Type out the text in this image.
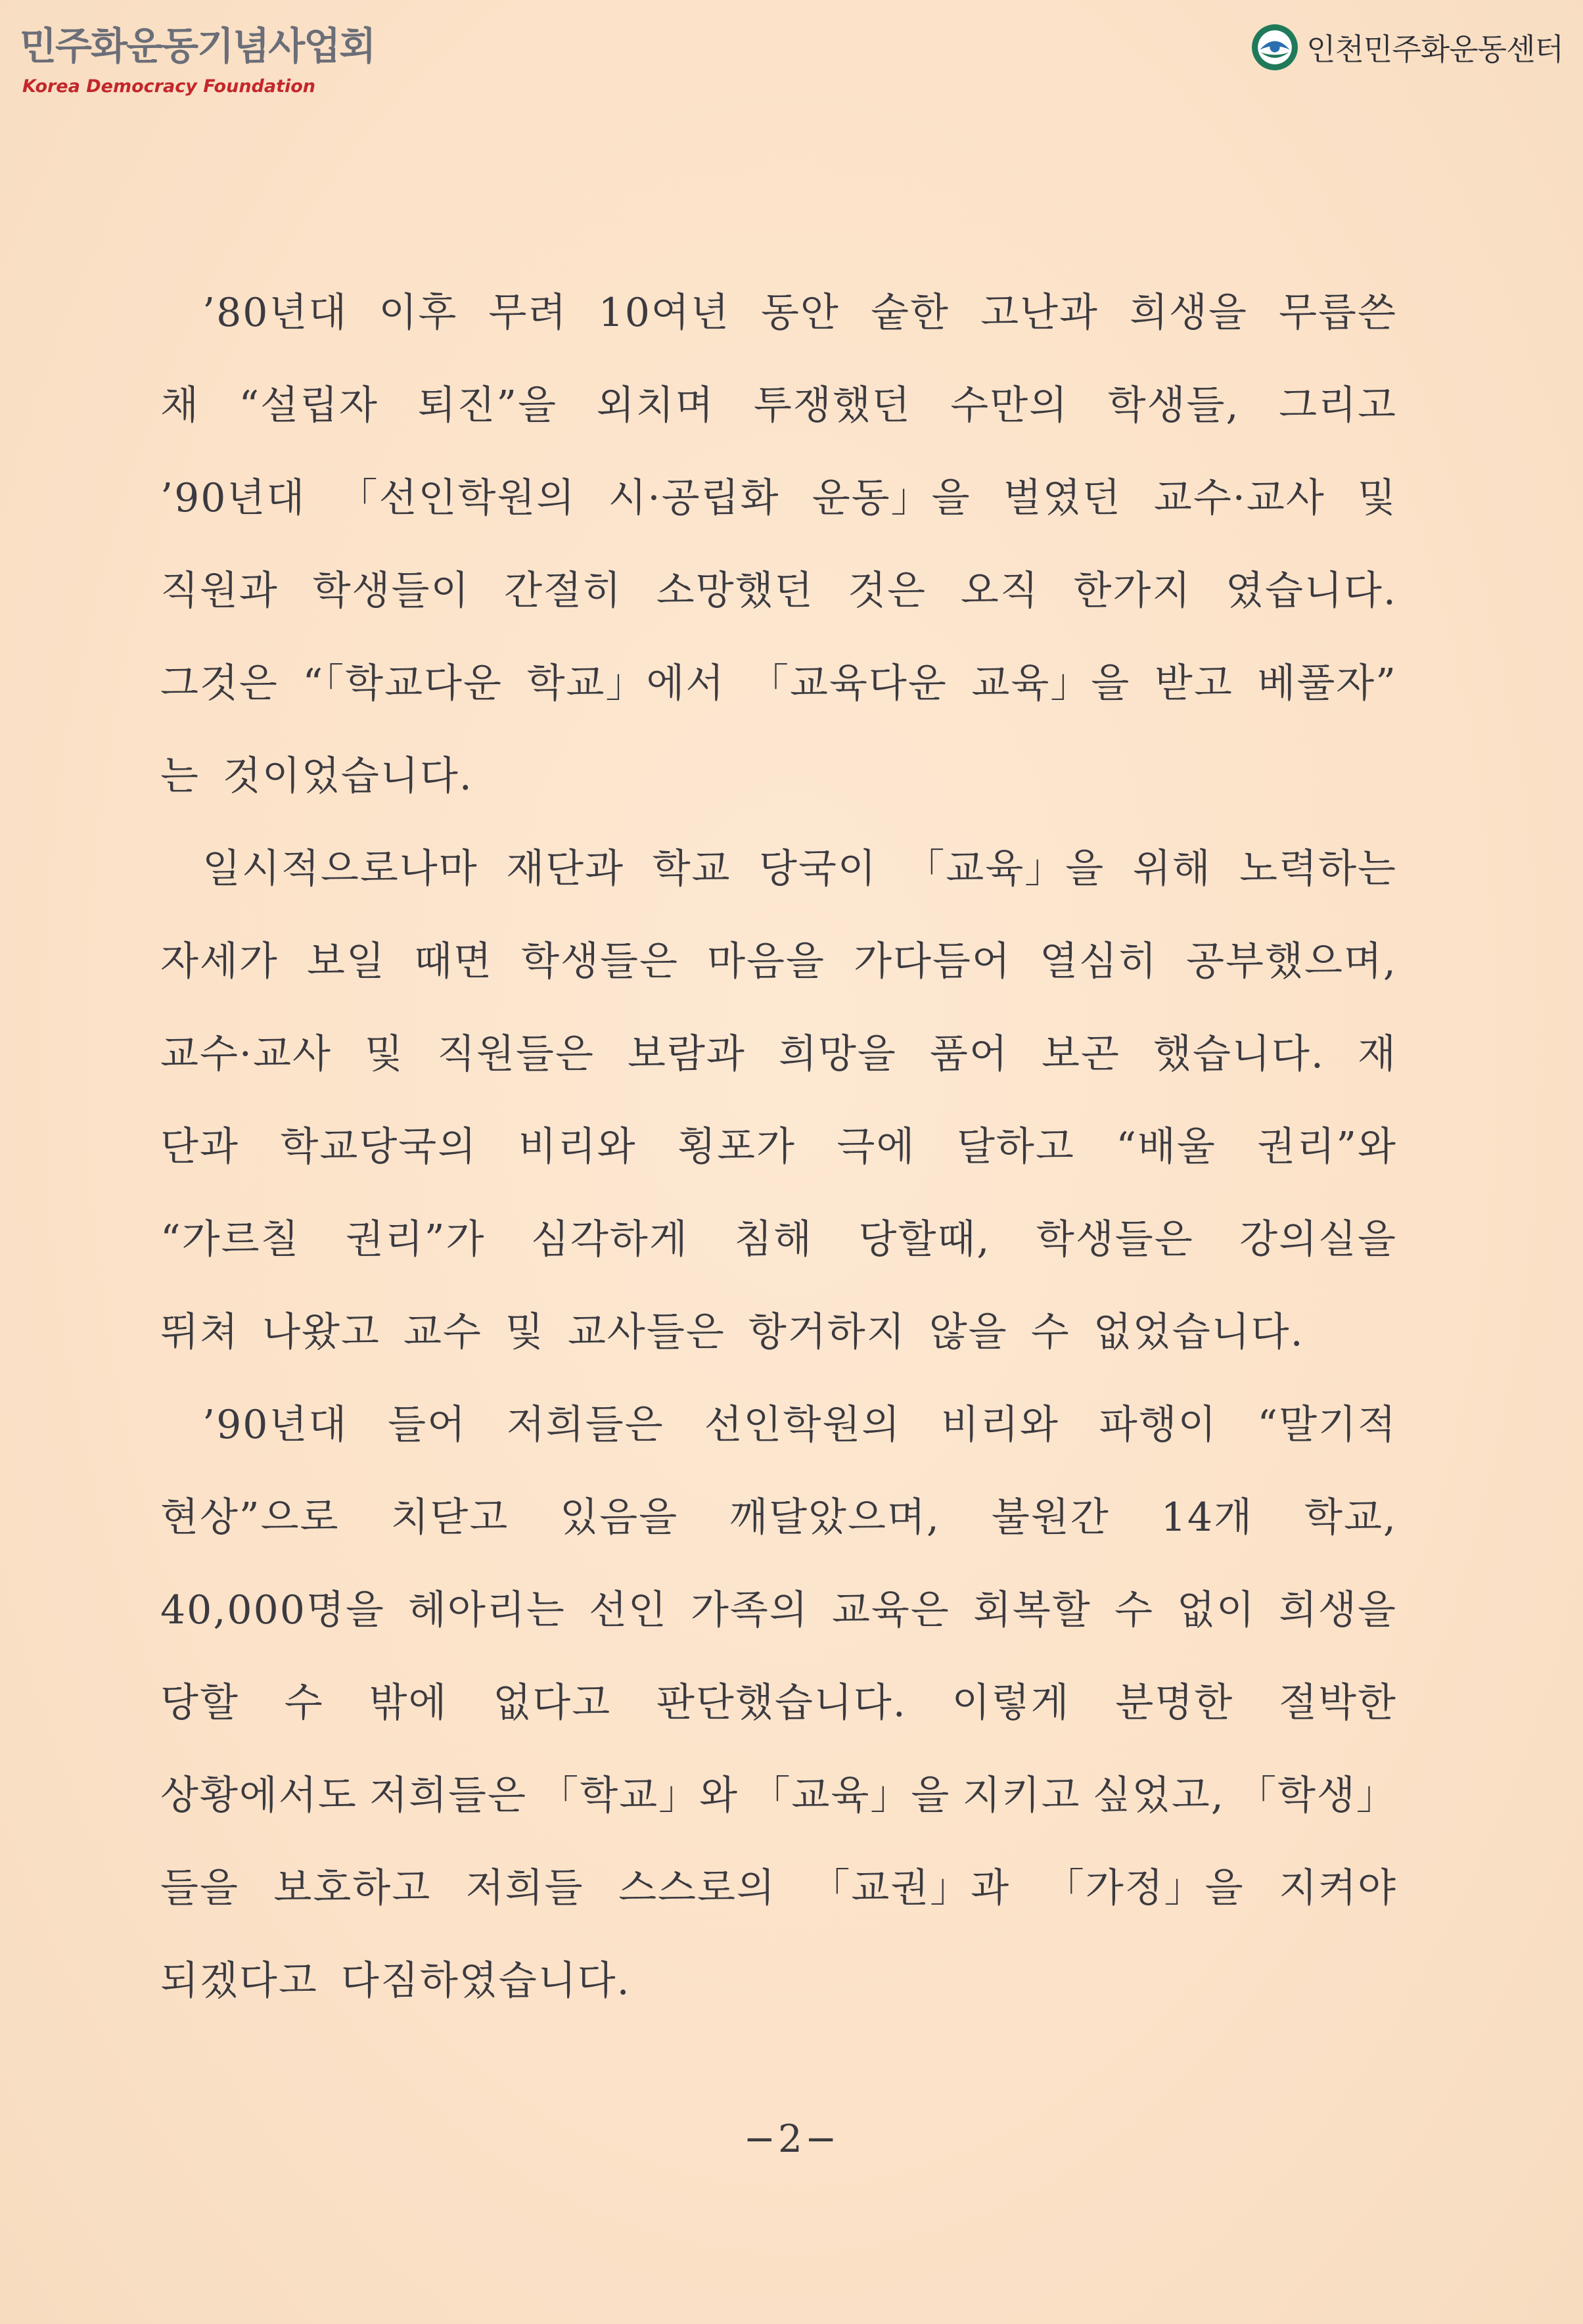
민주화운동기념사업회
Korea Democracy Foundation
인천민주화운동센터
’80년대 이후 무려 10여년 동안 숱한 고난과 희생을 무릅쓴
채 “설립자 퇴진”을 외치며 투쟁했던 수만의 학생들, 그리고
’90년대 「선인학원의 시·공립화 운동」을 벌였던 교수·교사 및
직원과 학생들이 간절히 소망했던 것은 오직 한가지 였습니다.
그것은 “「학교다운 학교」에서 「교육다운 교육」을 받고 베풀자”
는 것이었습니다.
일시적으로나마 재단과 학교 당국이 「교육」을 위해 노력하는
자세가 보일 때면 학생들은 마음을 가다듬어 열심히 공부했으며,
교수·교사 및 직원들은 보람과 희망을 품어 보곤 했습니다. 재
단과 학교당국의 비리와 횡포가 극에 달하고 “배울 권리”와
“가르칠 권리”가 심각하게 침해 당할때, 학생들은 강의실을
뛰쳐 나왔고 교수 및 교사들은 항거하지 않을 수 없었습니다.
’90년대 들어 저희들은 선인학원의 비리와 파행이 “말기적
현상”으로 치닫고 있음을 깨달았으며, 불원간 14개 학교,
40,000명을 헤아리는 선인 가족의 교육은 회복할 수 없이 희생을
당할 수 밖에 없다고 판단했습니다. 이렇게 분명한 절박한
상황에서도 저희들은 「학교」와 「교육」을 지키고 싶었고, 「학생」
들을 보호하고 저희들 스스로의 「교권」과 「가정」을 지켜야
되겠다고 다짐하였습니다.
−2−
